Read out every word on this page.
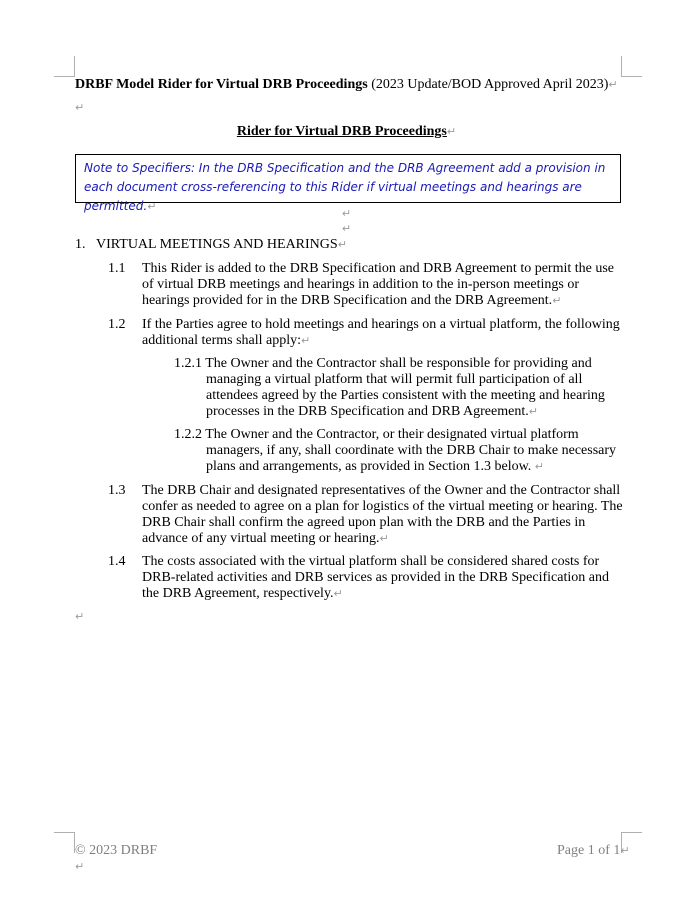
DRBF Model Rider for Virtual DRB Proceedings (2023 Update/BOD Approved April 2023)↵
↵
Rider for Virtual DRB Proceedings↵
Note to Specifiers: In the DRB Specification and the DRB Agreement add a provision in each document cross-referencing to this Rider if virtual meetings and hearings are permitted.↵
↵
↵
1. VIRTUAL MEETINGS AND HEARINGS↵
1.1 This Rider is added to the DRB Specification and DRB Agreement to permit the use of virtual DRB meetings and hearings in addition to the in-person meetings or hearings provided for in the DRB Specification and the DRB Agreement.↵
1.2 If the Parties agree to hold meetings and hearings on a virtual platform, the following additional terms shall apply:↵
1.2.1 The Owner and the Contractor shall be responsible for providing and managing a virtual platform that will permit full participation of all attendees agreed by the Parties consistent with the meeting and hearing processes in the DRB Specification and DRB Agreement.↵
1.2.2 The Owner and the Contractor, or their designated virtual platform managers, if any, shall coordinate with the DRB Chair to make necessary plans and arrangements, as provided in Section 1.3 below. ↵
1.3 The DRB Chair and designated representatives of the Owner and the Contractor shall confer as needed to agree on a plan for logistics of the virtual meeting or hearing. The DRB Chair shall confirm the agreed upon plan with the DRB and the Parties in advance of any virtual meeting or hearing.↵
1.4 The costs associated with the virtual platform shall be considered shared costs for DRB-related activities and DRB services as provided in the DRB Specification and the DRB Agreement, respectively.↵
↵
© 2023 DRBF	Page 1 of 1↵
↵
